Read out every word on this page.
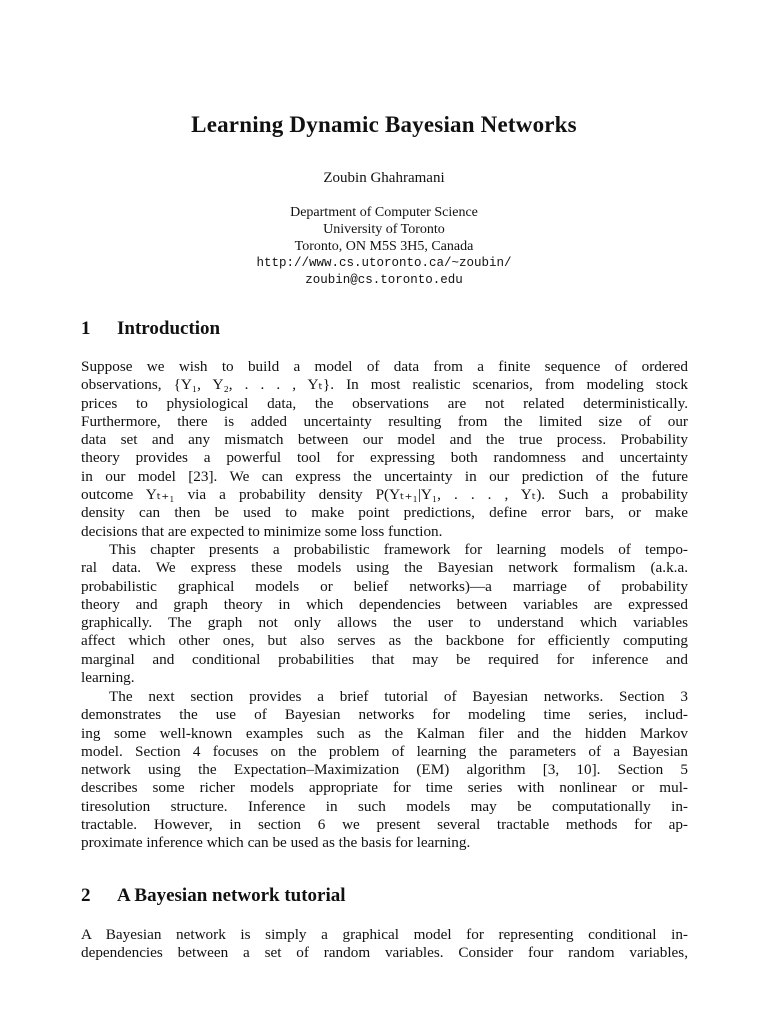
Learning Dynamic Bayesian Networks
Zoubin Ghahramani
Department of Computer Science
University of Toronto
Toronto, ON M5S 3H5, Canada
http://www.cs.utoronto.ca/~zoubin/
zoubin@cs.toronto.edu
1 Introduction
Suppose we wish to build a model of data from a finite sequence of ordered
observations, {Y₁, Y₂, . . . , Yₜ}. In most realistic scenarios, from modeling stock
prices to physiological data, the observations are not related deterministically.
Furthermore, there is added uncertainty resulting from the limited size of our
data set and any mismatch between our model and the true process. Probability
theory provides a powerful tool for expressing both randomness and uncertainty
in our model [23]. We can express the uncertainty in our prediction of the future
outcome Yₜ₊₁ via a probability density P(Yₜ₊₁|Y₁, . . . , Yₜ). Such a probability
density can then be used to make point predictions, define error bars, or make
decisions that are expected to minimize some loss function.
This chapter presents a probabilistic framework for learning models of tempo-
ral data. We express these models using the Bayesian network formalism (a.k.a.
probabilistic graphical models or belief networks)—a marriage of probability
theory and graph theory in which dependencies between variables are expressed
graphically. The graph not only allows the user to understand which variables
affect which other ones, but also serves as the backbone for efficiently computing
marginal and conditional probabilities that may be required for inference and
learning.
The next section provides a brief tutorial of Bayesian networks. Section 3
demonstrates the use of Bayesian networks for modeling time series, includ-
ing some well-known examples such as the Kalman filer and the hidden Markov
model. Section 4 focuses on the problem of learning the parameters of a Bayesian
network using the Expectation–Maximization (EM) algorithm [3, 10]. Section 5
describes some richer models appropriate for time series with nonlinear or mul-
tiresolution structure. Inference in such models may be computationally in-
tractable. However, in section 6 we present several tractable methods for ap-
proximate inference which can be used as the basis for learning.
2 A Bayesian network tutorial
A Bayesian network is simply a graphical model for representing conditional in-
dependencies between a set of random variables. Consider four random variables,
